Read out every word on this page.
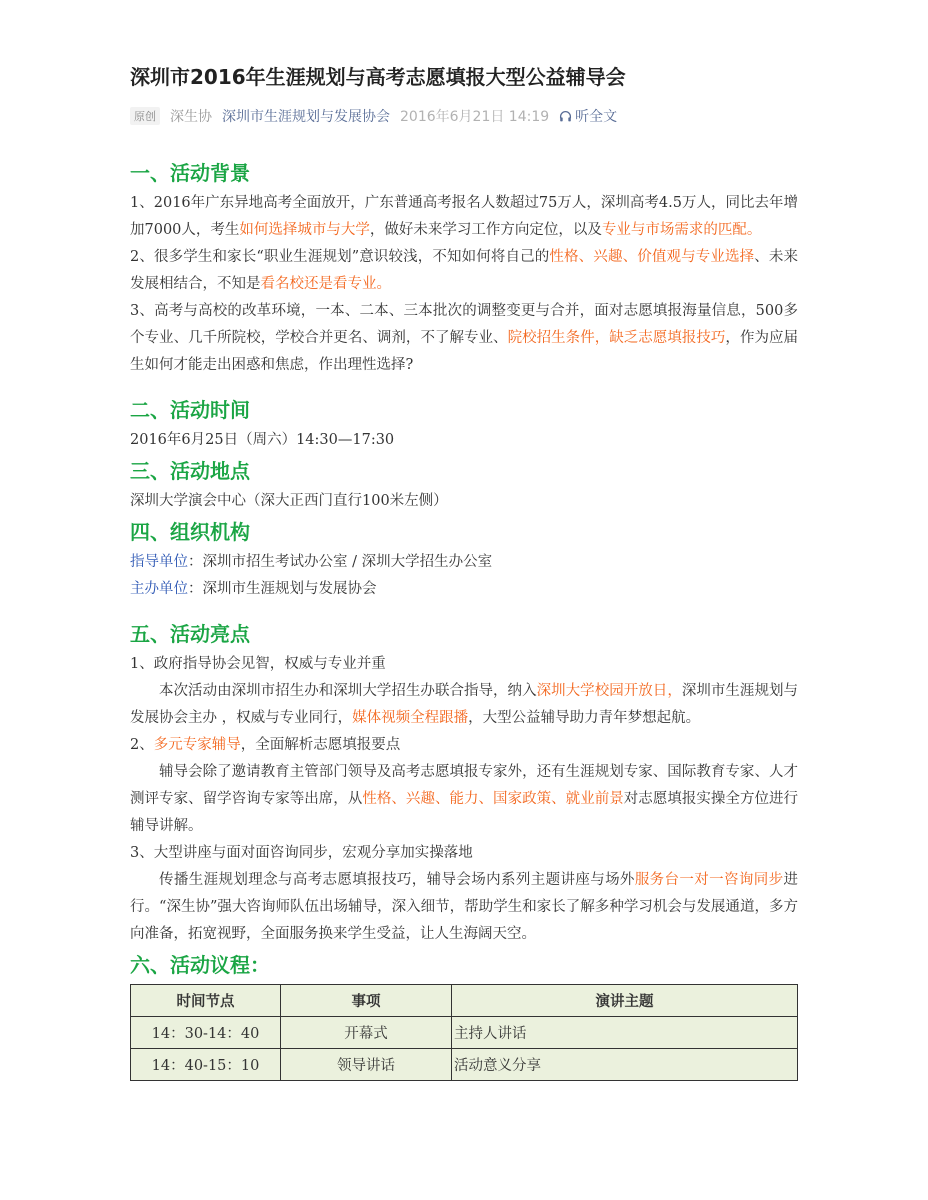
深圳市2016年生涯规划与高考志愿填报大型公益辅导会
原创 深生协 深圳市生涯规划与发展协会 2016年6月21日 14:19 听全文
一、活动背景

1、2016年广东异地高考全面放开，广东普通高考报名人数超过75万人，深圳高考4.5万人，同比去年增加7000人，考生如何选择城市与大学，做好未来学习工作方向定位，以及专业与市场需求的匹配。

2、很多学生和家长“职业生涯规划”意识较浅，不知如何将自己的性格、兴趣、价值观与专业选择、未来发展相结合，不知是看名校还是看专业。

3、高考与高校的改革环境，一本、二本、三本批次的调整变更与合并，面对志愿填报海量信息，500多个专业、几千所院校，学校合并更名、调剂，不了解专业、院校招生条件，缺乏志愿填报技巧，作为应届生如何才能走出困惑和焦虑，作出理性选择?

二、活动时间

2016年6月25日（周六）14:30—17:30

三、活动地点

深圳大学演会中心（深大正西门直行100米左侧）

四、组织机构

指导单位：深圳市招生考试办公室 / 深圳大学招生办公室

主办单位：深圳市生涯规划与发展协会

五、活动亮点

1、政府指导协会见智，权威与专业并重

本次活动由深圳市招生办和深圳大学招生办联合指导，纳入深圳大学校园开放日，深圳市生涯规划与发展协会主办 ，权威与专业同行，媒体视频全程跟播，大型公益辅导助力青年梦想起航。

2、多元专家辅导，全面解析志愿填报要点

辅导会除了邀请教育主管部门领导及高考志愿填报专家外，还有生涯规划专家、国际教育专家、人才测评专家、留学咨询专家等出席，从性格、兴趣、能力、国家政策、就业前景对志愿填报实操全方位进行辅导讲解。

3、大型讲座与面对面咨询同步，宏观分享加实操落地

传播生涯规划理念与高考志愿填报技巧，辅导会场内系列主题讲座与场外服务台一对一咨询同步进行。“深生协”强大咨询师队伍出场辅导，深入细节，帮助学生和家长了解多种学习机会与发展通道，多方向准备，拓宽视野，全面服务换来学生受益，让人生海阔天空。

六、活动议程：
时间节点	事项	演讲主题
14：30-14：40	开幕式	主持人讲话
14：40-15：10	领导讲话	活动意义分享
